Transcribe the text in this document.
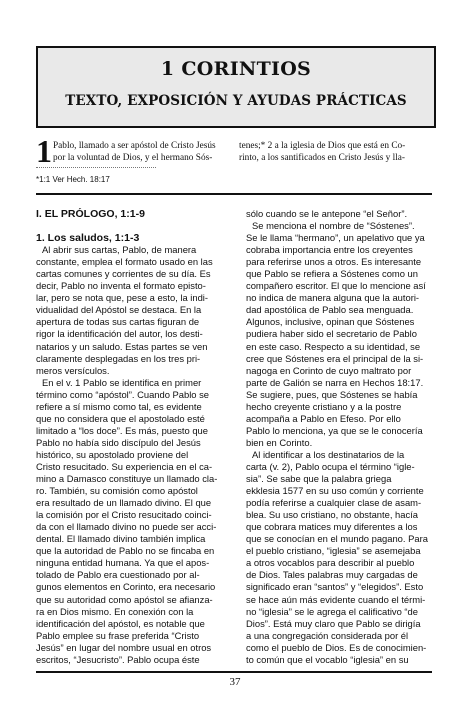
1 CORINTIOS
TEXTO, EXPOSICIÓN Y AYUDAS PRÁCTICAS
1 Pablo, llamado a ser apóstol de Cristo Jesús
por la voluntad de Dios, y el hermano Sós-
tenes;* 2 a la iglesia de Dios que está en Co-
rinto, a los santificados en Cristo Jesús y lla-
*1:1 Ver Hech. 18:17
I. EL PRÓLOGO, 1:1-9
1. Los saludos, 1:1-3
Al abrir sus cartas, Pablo, de manera
constante, emplea el formato usado en las
cartas comunes y corrientes de su día. Es
decir, Pablo no inventa el formato episto-
lar, pero se nota que, pese a esto, la indi-
vidualidad del Apóstol se destaca. En la
apertura de todas sus cartas figuran de
rigor la identificación del autor, los desti-
natarios y un saludo. Estas partes se ven
claramente desplegadas en los tres pri-
meros versículos.
En el v. 1 Pablo se identifica en primer
término como “apóstol”. Cuando Pablo se
refiere a sí mismo como tal, es evidente
que no considera que el apostolado esté
limitado a “los doce”. Es más, puesto que
Pablo no había sido discípulo del Jesús
histórico, su apostolado proviene del
Cristo resucitado. Su experiencia en el ca-
mino a Damasco constituye un llamado cla-
ro. También, su comisión como apóstol
era resultado de un llamado divino. El que
la comisión por el Cristo resucitado coinci-
da con el llamado divino no puede ser acci-
dental. El llamado divino también implica
que la autoridad de Pablo no se fincaba en
ninguna entidad humana. Ya que el apos-
tolado de Pablo era cuestionado por al-
gunos elementos en Corinto, era necesario
que su autoridad como apóstol se afianza-
ra en Dios mismo. En conexión con la
identificación del apóstol, es notable que
Pablo emplee su frase preferida “Cristo
Jesús” en lugar del nombre usual en otros
escritos, “Jesucristo”. Pablo ocupa éste
sólo cuando se le antepone “el Señor”.
Se menciona el nombre de “Sóstenes”.
Se le llama “hermano”, un apelativo que ya
cobraba importancia entre los creyentes
para referirse unos a otros. Es interesante
que Pablo se refiera a Sóstenes como un
compañero escritor. El que lo mencione así
no indica de manera alguna que la autori-
dad apostólica de Pablo sea menguada.
Algunos, inclusive, opinan que Sóstenes
pudiera haber sido el secretario de Pablo
en este caso. Respecto a su identidad, se
cree que Sóstenes era el principal de la si-
nagoga en Corinto de cuyo maltrato por
parte de Galión se narra en Hechos 18:17.
Se sugiere, pues, que Sóstenes se había
hecho creyente cristiano y a la postre
acompaña a Pablo en Efeso. Por ello
Pablo lo menciona, ya que se le conocería
bien en Corinto.
Al identificar a los destinatarios de la
carta (v. 2), Pablo ocupa el término “igle-
sia”. Se sabe que la palabra griega
ekklesia 1577 en su uso común y corriente
podía referirse a cualquier clase de asam-
blea. Su uso cristiano, no obstante, hacía
que cobrara matices muy diferentes a los
que se conocían en el mundo pagano. Para
el pueblo cristiano, “iglesia” se asemejaba
a otros vocablos para describir al pueblo
de Dios. Tales palabras muy cargadas de
significado eran “santos” y “elegidos”. Esto
se hace aún más evidente cuando el térmi-
no “iglesia” se le agrega el calificativo “de
Dios”. Está muy claro que Pablo se dirigía
a una congregación considerada por él
como el pueblo de Dios. Es de conocimien-
to común que el vocablo “iglesia” en su
37
